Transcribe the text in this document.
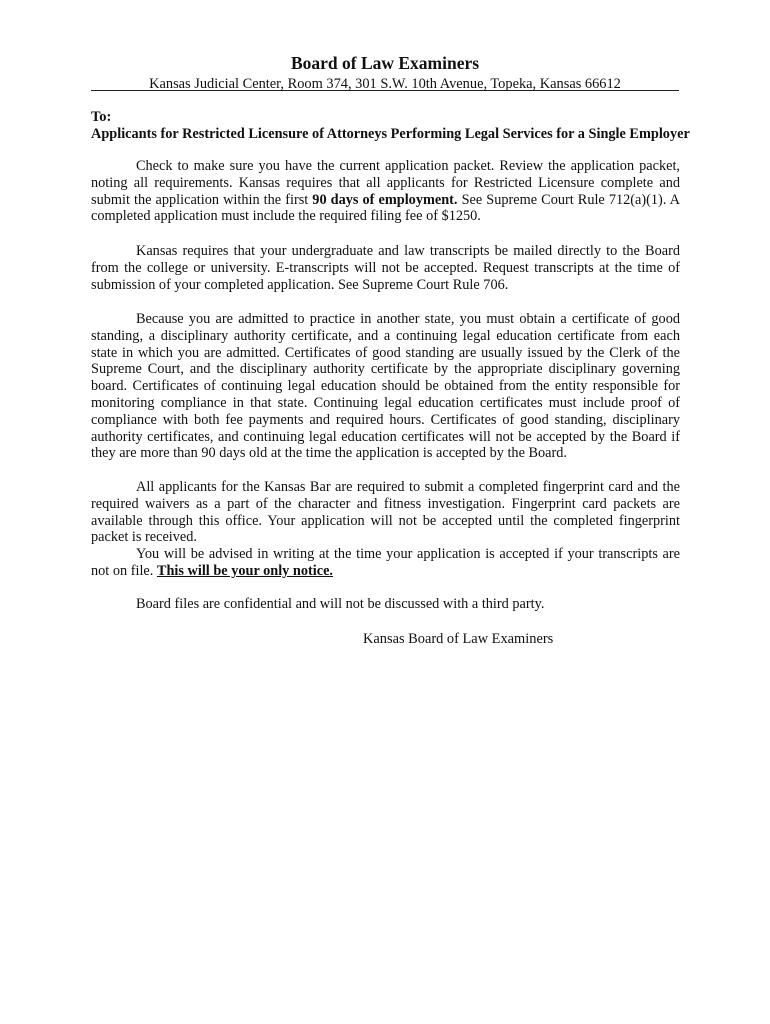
Board of Law Examiners
Kansas Judicial Center, Room 374, 301 S.W. 10th Avenue, Topeka, Kansas 66612
To:
Applicants for Restricted Licensure of Attorneys Performing Legal Services for a Single Employer

Check to make sure you have the current application packet. Review the application packet, noting all requirements. Kansas requires that all applicants for Restricted Licensure complete and submit the application within the first 90 days of employment. See Supreme Court Rule 712(a)(1). A completed application must include the required filing fee of $1250.

Kansas requires that your undergraduate and law transcripts be mailed directly to the Board from the college or university. E-transcripts will not be accepted. Request transcripts at the time of submission of your completed application. See Supreme Court Rule 706.

Because you are admitted to practice in another state, you must obtain a certificate of good standing, a disciplinary authority certificate, and a continuing legal education certificate from each state in which you are admitted. Certificates of good standing are usually issued by the Clerk of the Supreme Court, and the disciplinary authority certificate by the appropriate disciplinary governing board. Certificates of continuing legal education should be obtained from the entity responsible for monitoring compliance in that state. Continuing legal education certificates must include proof of compliance with both fee payments and required hours. Certificates of good standing, disciplinary authority certificates, and continuing legal education certificates will not be accepted by the Board if they are more than 90 days old at the time the application is accepted by the Board.

All applicants for the Kansas Bar are required to submit a completed fingerprint card and the required waivers as a part of the character and fitness investigation. Fingerprint card packets are available through this office. Your application will not be accepted until the completed fingerprint packet is received.

You will be advised in writing at the time your application is accepted if your transcripts are not on file. This will be your only notice.

Board files are confidential and will not be discussed with a third party.

Kansas Board of Law Examiners
